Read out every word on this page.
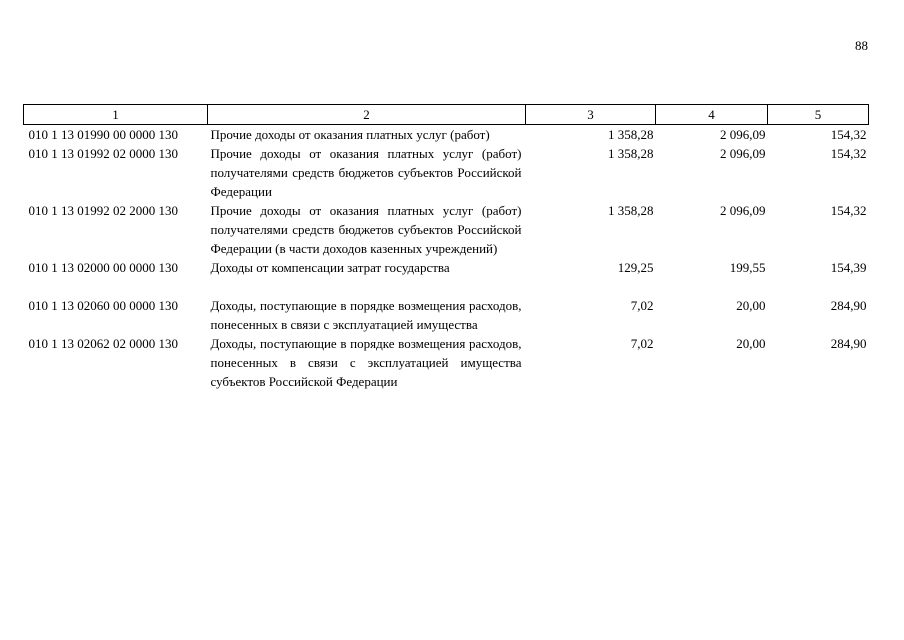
88
1	2	3	4	5
010 1 13 01990 00 0000 130	Прочие доходы от оказания платных услуг (работ)	1 358,28	2 096,09	154,32
010 1 13 01992 02 0000 130	Прочие доходы от оказания платных услуг (работ) получателями средств бюджетов субъектов Российской Федерации	1 358,28	2 096,09	154,32
010 1 13 01992 02 2000 130	Прочие доходы от оказания платных услуг (работ) получателями средств бюджетов субъектов Российской Федерации (в части доходов казенных учреждений)	1 358,28	2 096,09	154,32
010 1 13 02000 00 0000 130	Доходы от компенсации затрат государства	129,25	199,55	154,39
010 1 13 02060 00 0000 130	Доходы, поступающие в порядке возмещения расходов, понесенных в связи с эксплуатацией имущества	7,02	20,00	284,90
010 1 13 02062 02 0000 130	Доходы, поступающие в порядке возмещения расходов, понесенных в связи с эксплуатацией имущества субъектов Российской Федерации	7,02	20,00	284,90
